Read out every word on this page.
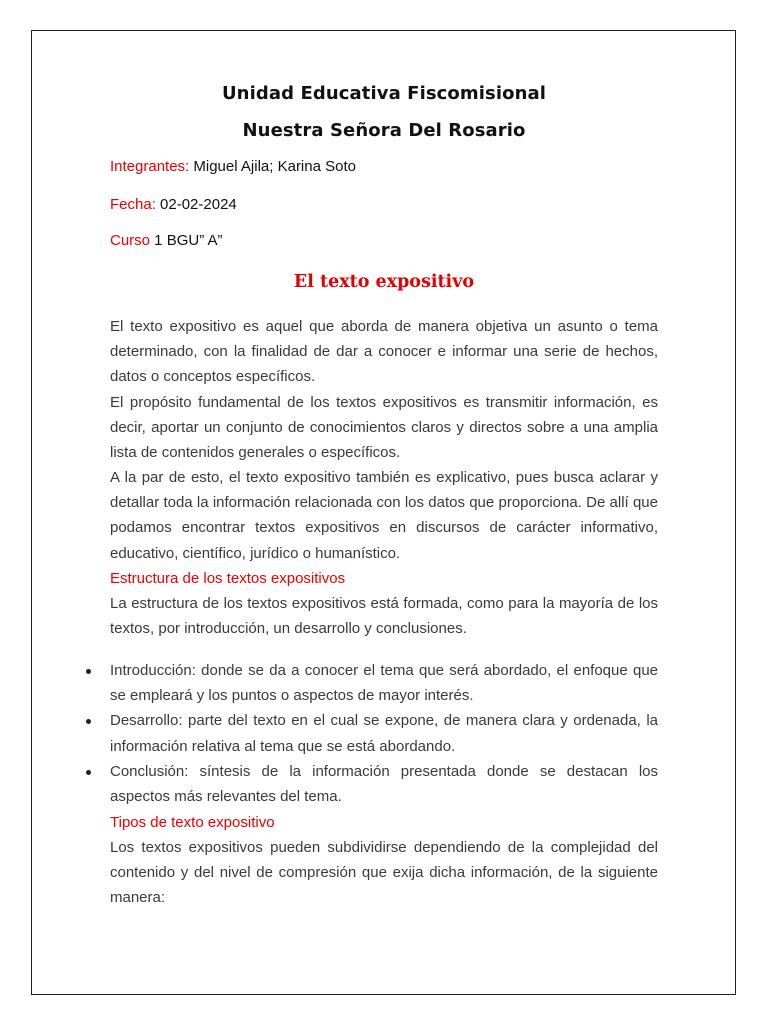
Unidad Educativa Fiscomisional
Nuestra Señora Del Rosario
Integrantes: Miguel Ajila; Karina Soto
Fecha: 02-02-2024
Curso 1 BGU” A”
El texto expositivo

El texto expositivo es aquel que aborda de manera objetiva un asunto o tema determinado, con la finalidad de dar a conocer e informar una serie de hechos, datos o conceptos específicos.

El propósito fundamental de los textos expositivos es transmitir información, es decir, aportar un conjunto de conocimientos claros y directos sobre a una amplia lista de contenidos generales o específicos.

A la par de esto, el texto expositivo también es explicativo, pues busca aclarar y detallar toda la información relacionada con los datos que proporciona. De allí que podamos encontrar textos expositivos en discursos de carácter informativo, educativo, científico, jurídico o humanístico.

Estructura de los textos expositivos

La estructura de los textos expositivos está formada, como para la mayoría de los textos, por introducción, un desarrollo y conclusiones.

Introducción: donde se da a conocer el tema que será abordado, el enfoque que se empleará y los puntos o aspectos de mayor interés.
Desarrollo: parte del texto en el cual se expone, de manera clara y ordenada, la información relativa al tema que se está abordando.
Conclusión: síntesis de la información presentada donde se destacan los aspectos más relevantes del tema.

Tipos de texto expositivo

Los textos expositivos pueden subdividirse dependiendo de la complejidad del contenido y del nivel de compresión que exija dicha información, de la siguiente manera:
